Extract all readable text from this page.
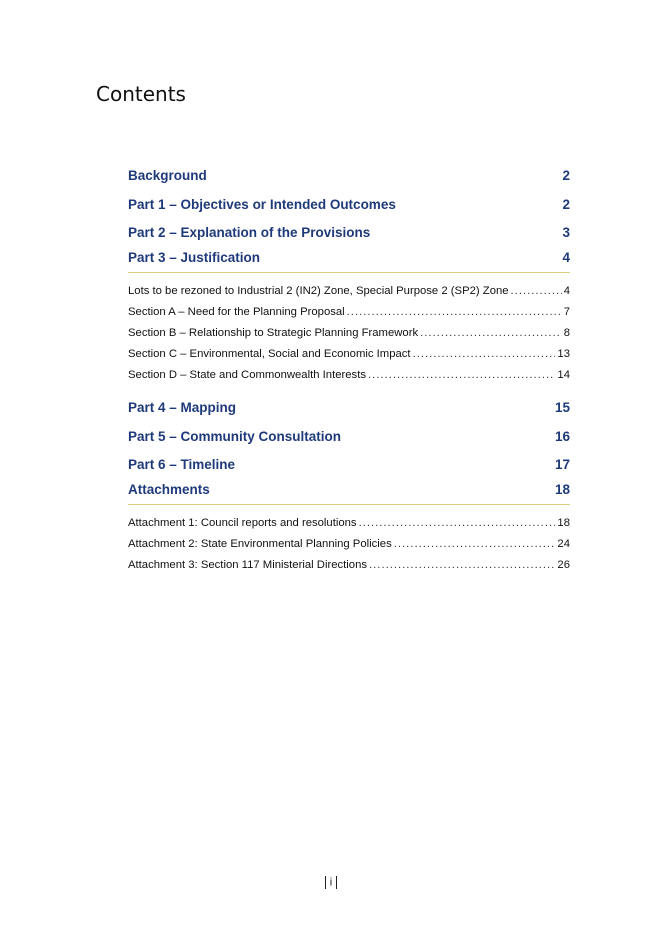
Contents
Background	2
Part 1 – Objectives or Intended Outcomes	2
Part 2 – Explanation of the Provisions	3
Part 3 – Justification	4
Lots to be rezoned to Industrial 2 (IN2) Zone, Special Purpose 2 (SP2) Zone .....	4
Section A – Need for the Planning Proposal .....	7
Section B – Relationship to Strategic Planning Framework .....	8
Section C – Environmental, Social and Economic Impact .....	13
Section D – State and Commonwealth Interests .....	14
Part 4 – Mapping	15
Part 5 – Community Consultation	16
Part 6 – Timeline	17
Attachments	18
Attachment 1: Council reports and resolutions .....	18
Attachment 2: State Environmental Planning Policies .....	24
Attachment 3: Section 117 Ministerial Directions .....	26
i
